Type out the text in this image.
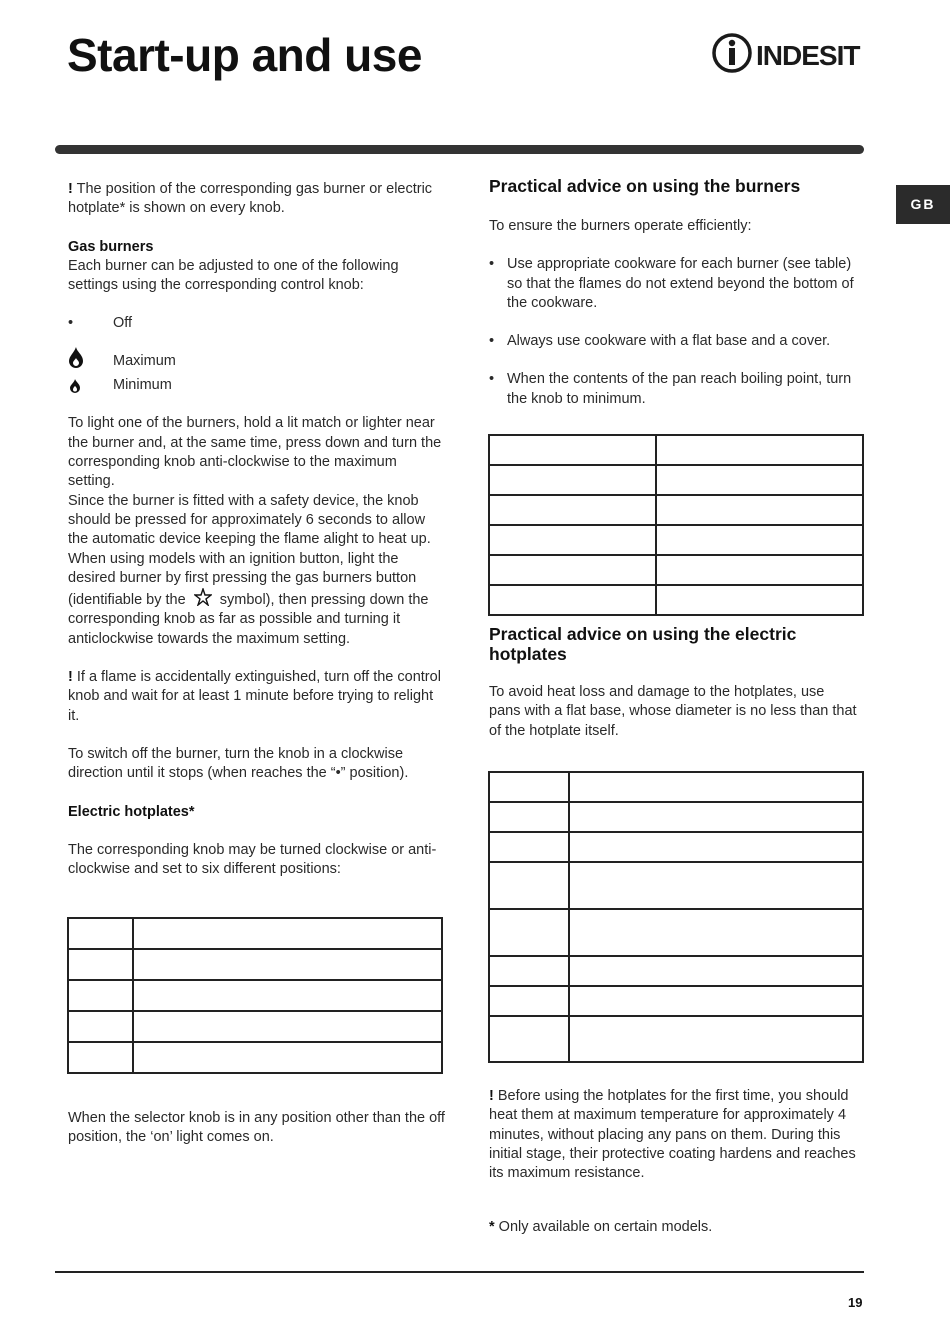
Start-up and use	INDESIT
GB

! The position of the corresponding gas burner or electric hotplate* is shown on every knob.

Gas burners

Each burner can be adjusted to one of the following settings using the corresponding control knob:

•	Off
Maximum
Minimum

To light one of the burners, hold a lit match or lighter near the burner and, at the same time, press down and turn the corresponding knob anti-clockwise to the maximum setting.

Since the burner is fitted with a safety device, the knob should be pressed for approximately 6 seconds to allow the automatic device keeping the flame alight to heat up.

When using models with an ignition button, light the desired burner by first pressing the gas burners button (identifiable by the symbol), then pressing down the corresponding knob as far as possible and turning it anticlockwise towards the maximum setting.

! If a flame is accidentally extinguished, turn off the control knob and wait for at least 1 minute before trying to relight it.

To switch off the burner, turn the knob in a clockwise direction until it stops (when reaches the “•” position).

Electric hotplates*

The corresponding knob may be turned clockwise or anti-clockwise and set to six different positions:

When the selector knob is in any position other than the off position, the ‘on’ light comes on.

Practical advice on using the burners

To ensure the burners operate efficiently:

• Use appropriate cookware for each burner (see table) so that the flames do not extend beyond the bottom of the cookware.
• Always use cookware with a flat base and a cover.
• When the contents of the pan reach boiling point, turn the knob to minimum.

Practical advice on using the electric hotplates

To avoid heat loss and damage to the hotplates, use pans with a flat base, whose diameter is no less than that of the hotplate itself.

! Before using the hotplates for the first time, you should heat them at maximum temperature for approximately 4 minutes, without placing any pans on them. During this initial stage, their protective coating hardens and reaches its maximum resistance.

* Only available on certain models.

19
